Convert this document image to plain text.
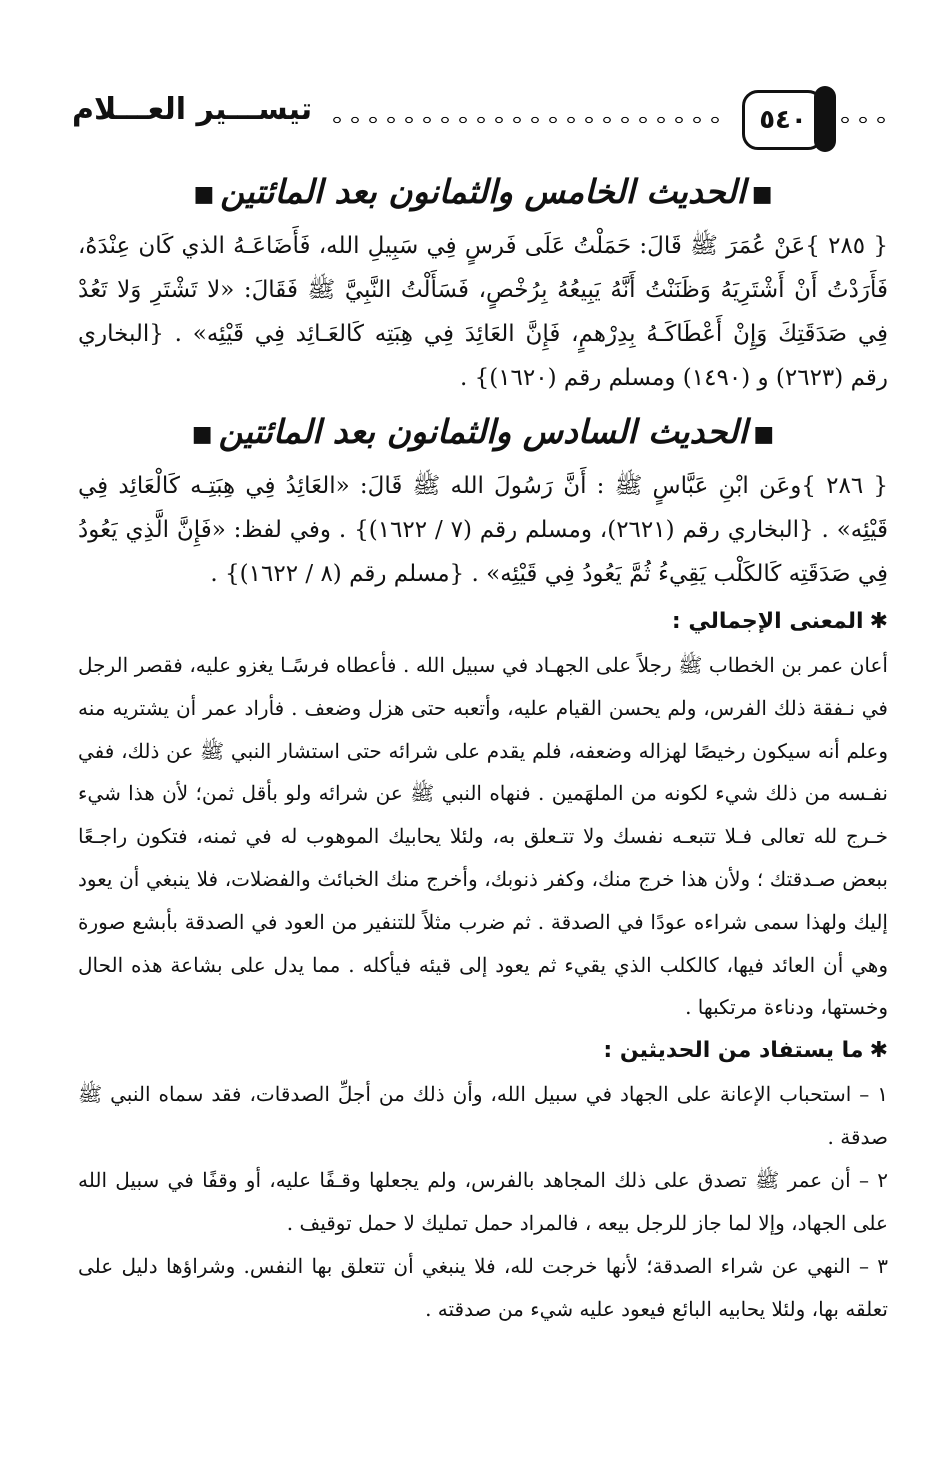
تيســـير العـــلام	٥٤٠
■الحديث الخامس والثمانون بعد المائتين■

{ ٢٨٥ }عَنْ عُمَرَ ﷺ قَالَ: حَمَلْتُ عَلَى فَرسٍ فِي سَبِيلِ الله، فَأَضَاعَـهُ الذي كَان عِنْدَهُ، فَأَرَدْتُ أَنْ أَشْتَرِيَهُ وَظَنَنْتُ أَنَّهُ يَبِيعُهُ بِرُخْصٍ، فَسَأَلْتُ النَّبِيَّ ﷺ فَقَالَ: «لا تَشْتَرِ وَلا تَعُدْ فِي صَدَقَتِكَ وَإِنْ أَعْطَاكَـهُ بِدِرْهمٍ، فَإِنَّ العَائِدَ فِي هِبَتِه كَالعَـائِد فِي قَيْئِه» . {البخاري رقم (٢٦٢٣) و (١٤٩٠) ومسلم رقم (١٦٢٠)} .

■الحديث السادس والثمانون بعد المائتين■

{ ٢٨٦ }وعَن ابْنِ عَبَّاسٍ ﷺ : أَنَّ رَسُولَ الله ﷺ قَالَ: «العَائِدُ فِي هِبَتِـه كَالْعَائِد فِي قَيْئِه» . {البخاري رقم (٢٦٢١)، ومسلم رقم (٧ / ١٦٢٢)} . وفي لفظ: «فَإِنَّ الَّذِي يَعُودُ فِي صَدَقَتِه كَالكَلْب يَقِيءُ ثُمَّ يَعُودُ فِي قَيْئِه» . {مسلم رقم (٨ / ١٦٢٢)} .

✱المعنى الإجمالي :

أعان عمر بن الخطاب ﷺ رجلاً على الجهـاد في سبيل الله . فأعطاه فرسًـا يغزو عليه، فقصر الرجل في نـفقة ذلك الفرس، ولم يحسن القيام عليه، وأتعبه حتى هزل وضعف . فأراد عمر أن يشتريه منه وعلم أنه سيكون رخيصًا لهزاله وضعفه، فلم يقدم على شرائه حتى استشار النبي ﷺ عن ذلك، ففي نفـسه من ذلك شيء لكونه من الملهَمين . فنهاه النبي ﷺ عن شرائه ولو بأقل ثمن؛ لأن هذا شيء خـرج لله تعالى فـلا تتبعـه نفسك ولا تتـعلق به، ولئلا يحابيك الموهوب له في ثمنه، فتكون راجـعًا ببعض صـدقتك ؛ ولأن هذا خرج منك، وكفر ذنوبك، وأخرج منك الخبائث والفضلات، فلا ينبغي أن يعود إليك ولهذا سمى شراءه عودًا في الصدقة . ثم ضرب مثلاً للتنفير من العود في الصدقة بأبشع صورة وهي أن العائد فيها، كالكلب الذي يقيء ثم يعود إلى قيئه فيأكله . مما يدل على بشاعة هذه الحال وخستها، ودناءة مرتكبها .

✱ما يستفاد من الحديثين :
١ – استحباب الإعانة على الجهاد في سبيل الله، وأن ذلك من أجلِّ الصدقات، فقد سماه النبي ﷺ صدقة .
٢ – أن عمر ﷺ تصدق على ذلك المجاهد بالفرس، ولم يجعلها وقـفًا عليه، أو وقفًا في سبيل الله على الجهاد، وإلا لما جاز للرجل بيعه ، فالمراد حمل تمليك لا حمل توقيف .
٣ – النهي عن شراء الصدقة؛ لأنها خرجت لله، فلا ينبغي أن تتعلق بها النفس. وشراؤها دليل على تعلقه بها، ولئلا يحابيه البائع فيعود عليه شيء من صدقته .
